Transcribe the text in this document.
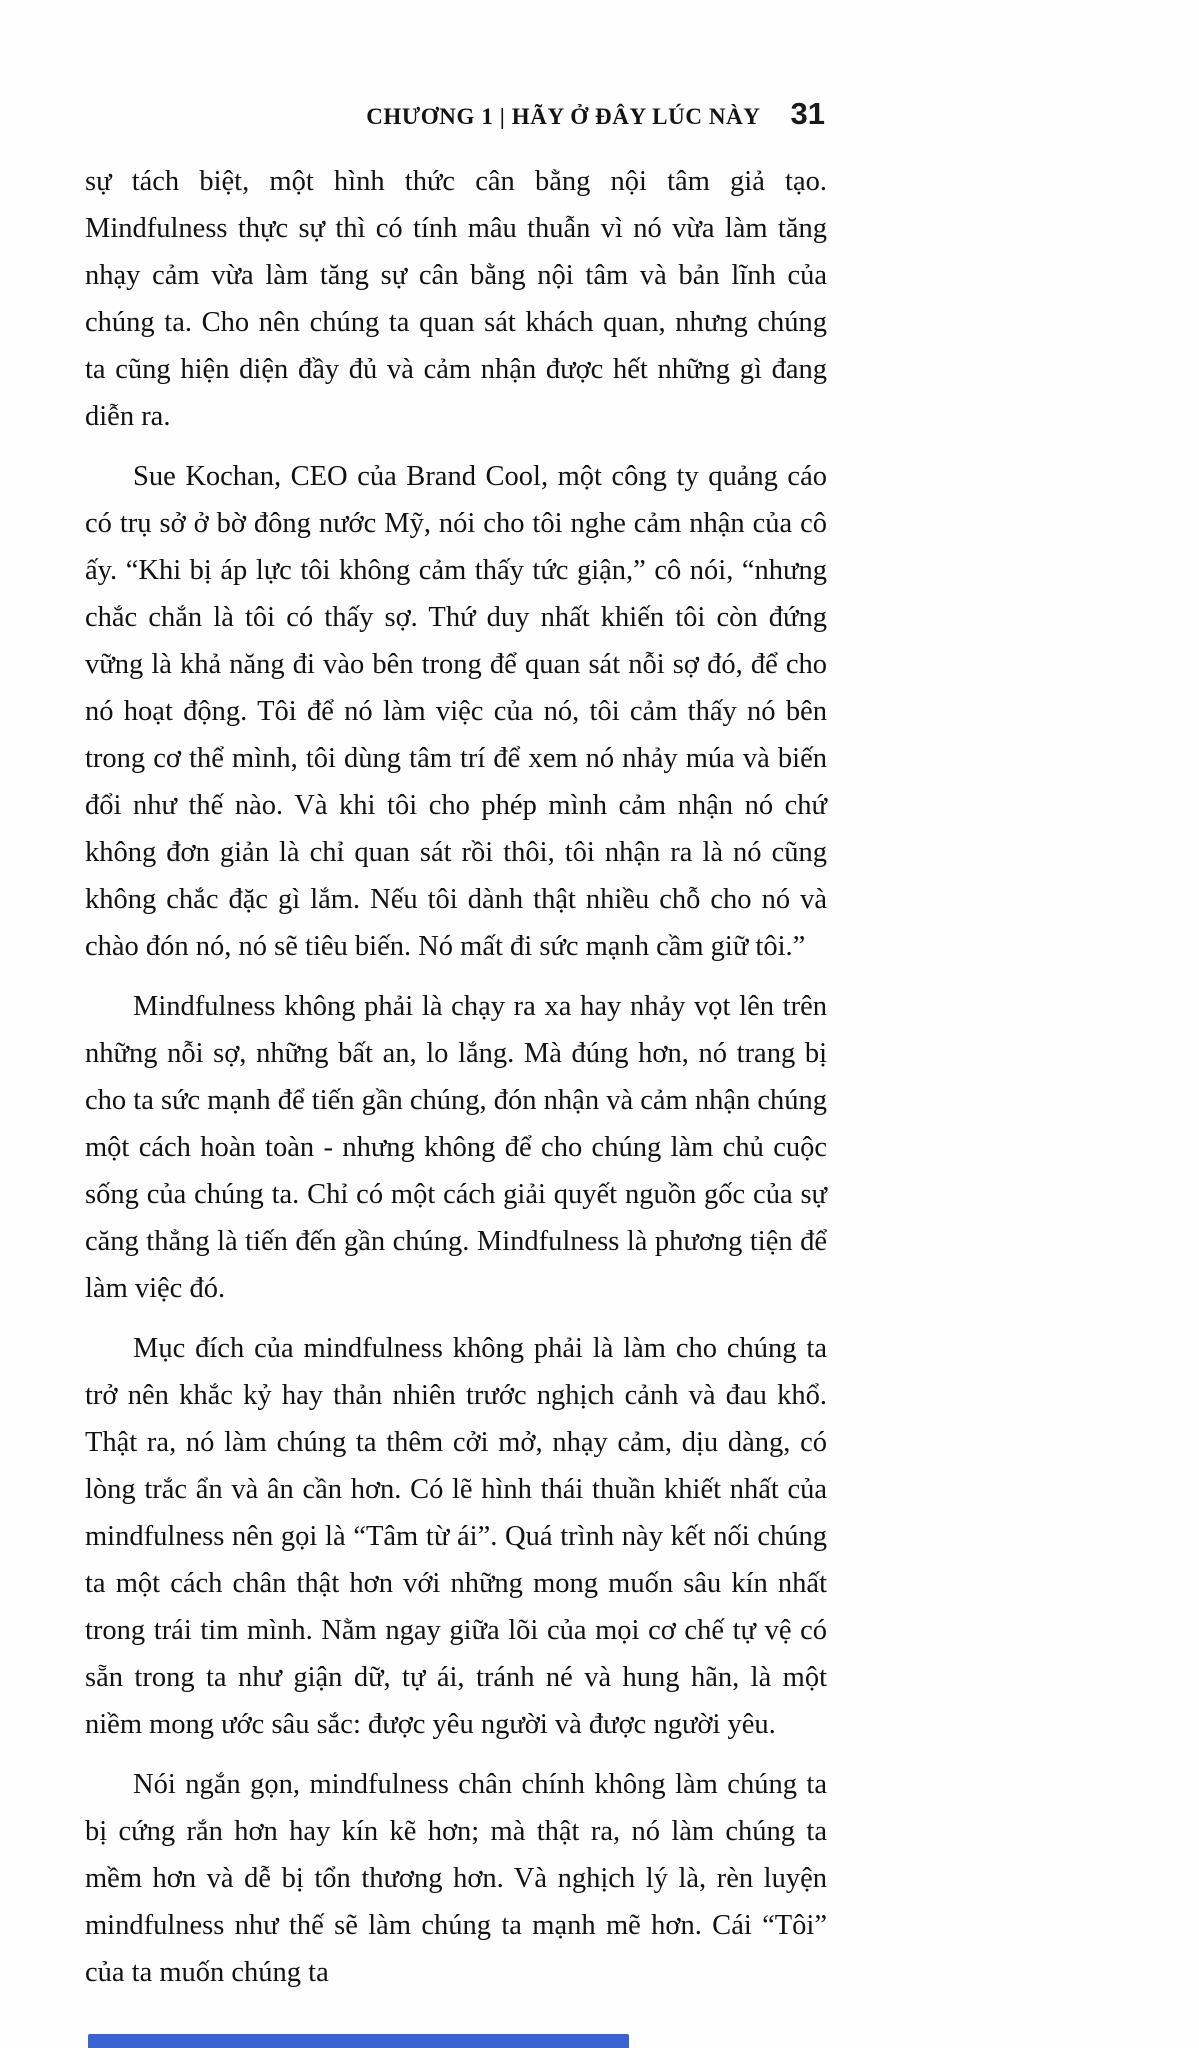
CHƯƠNG 1 | HÃY Ở ĐÂY LÚC NÀY 31

sự tách biệt, một hình thức cân bằng nội tâm giả tạo. Mindfulness thực sự thì có tính mâu thuẫn vì nó vừa làm tăng nhạy cảm vừa làm tăng sự cân bằng nội tâm và bản lĩnh của chúng ta. Cho nên chúng ta quan sát khách quan, nhưng chúng ta cũng hiện diện đầy đủ và cảm nhận được hết những gì đang diễn ra.

Sue Kochan, CEO của Brand Cool, một công ty quảng cáo có trụ sở ở bờ đông nước Mỹ, nói cho tôi nghe cảm nhận của cô ấy. “Khi bị áp lực tôi không cảm thấy tức giận,” cô nói, “nhưng chắc chắn là tôi có thấy sợ. Thứ duy nhất khiến tôi còn đứng vững là khả năng đi vào bên trong để quan sát nỗi sợ đó, để cho nó hoạt động. Tôi để nó làm việc của nó, tôi cảm thấy nó bên trong cơ thể mình, tôi dùng tâm trí để xem nó nhảy múa và biến đổi như thế nào. Và khi tôi cho phép mình cảm nhận nó chứ không đơn giản là chỉ quan sát rồi thôi, tôi nhận ra là nó cũng không chắc đặc gì lắm. Nếu tôi dành thật nhiều chỗ cho nó và chào đón nó, nó sẽ tiêu biến. Nó mất đi sức mạnh cầm giữ tôi.”

Mindfulness không phải là chạy ra xa hay nhảy vọt lên trên những nỗi sợ, những bất an, lo lắng. Mà đúng hơn, nó trang bị cho ta sức mạnh để tiến gần chúng, đón nhận và cảm nhận chúng một cách hoàn toàn - nhưng không để cho chúng làm chủ cuộc sống của chúng ta. Chỉ có một cách giải quyết nguồn gốc của sự căng thẳng là tiến đến gần chúng. Mindfulness là phương tiện để làm việc đó.

Mục đích của mindfulness không phải là làm cho chúng ta trở nên khắc kỷ hay thản nhiên trước nghịch cảnh và đau khổ. Thật ra, nó làm chúng ta thêm cởi mở, nhạy cảm, dịu dàng, có lòng trắc ẩn và ân cần hơn. Có lẽ hình thái thuần khiết nhất của mindfulness nên gọi là “Tâm từ ái”. Quá trình này kết nối chúng ta một cách chân thật hơn với những mong muốn sâu kín nhất trong trái tim mình. Nằm ngay giữa lõi của mọi cơ chế tự vệ có sẵn trong ta như giận dữ, tự ái, tránh né và hung hãn, là một niềm mong ước sâu sắc: được yêu người và được người yêu.

Nói ngắn gọn, mindfulness chân chính không làm chúng ta bị cứng rắn hơn hay kín kẽ hơn; mà thật ra, nó làm chúng ta mềm hơn và dễ bị tổn thương hơn. Và nghịch lý là, rèn luyện mindfulness như thế sẽ làm chúng ta mạnh mẽ hơn. Cái “Tôi” của ta muốn chúng ta
